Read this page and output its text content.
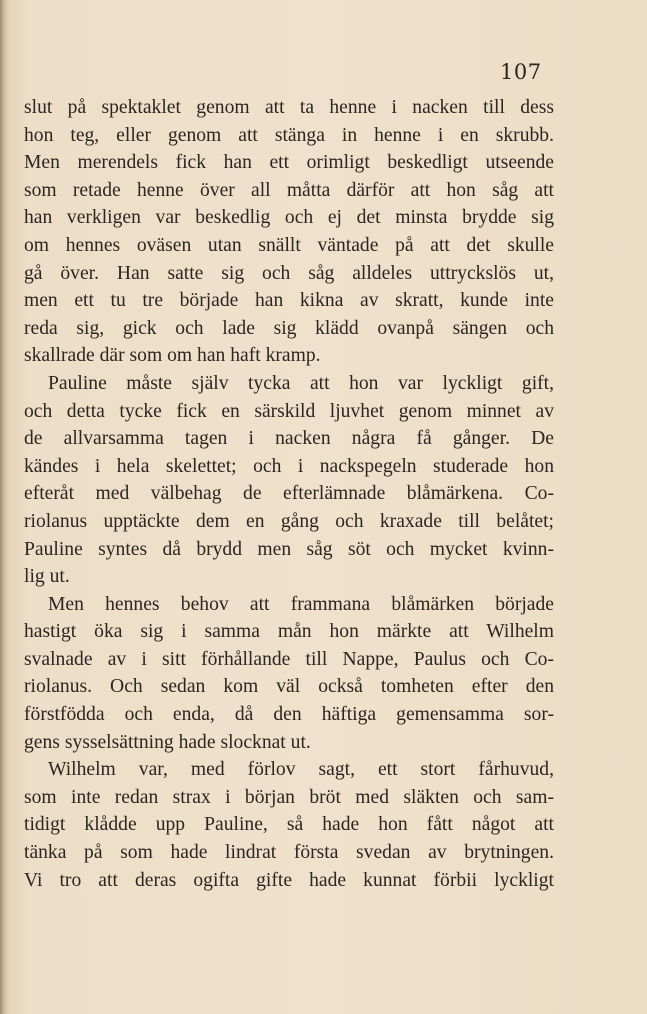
107
slut på spektaklet genom att ta henne i nacken till dess
hon teg, eller genom att stänga in henne i en skrubb.
Men merendels fick han ett orimligt beskedligt utseende
som retade henne över all måtta därför att hon såg att
han verkligen var beskedlig och ej det minsta brydde sig
om hennes oväsen utan snällt väntade på att det skulle
gå över. Han satte sig och såg alldeles uttryckslös ut,
men ett tu tre började han kikna av skratt, kunde inte
reda sig, gick och lade sig klädd ovanpå sängen och
skallrade där som om han haft kramp.
Pauline måste själv tycka att hon var lyckligt gift,
och detta tycke fick en särskild ljuvhet genom minnet av
de allvarsamma tagen i nacken några få gånger. De
kändes i hela skelettet; och i nackspegeln studerade hon
efteråt med välbehag de efterlämnade blåmärkena. Co-
riolanus upptäckte dem en gång och kraxade till belåtet;
Pauline syntes då brydd men såg söt och mycket kvinn-
lig ut.
Men hennes behov att frammana blåmärken började
hastigt öka sig i samma mån hon märkte att Wilhelm
svalnade av i sitt förhållande till Nappe, Paulus och Co-
riolanus. Och sedan kom väl också tomheten efter den
förstfödda och enda, då den häftiga gemensamma sor-
gens sysselsättning hade slocknat ut.
Wilhelm var, med förlov sagt, ett stort fårhuvud,
som inte redan strax i början bröt med släkten och sam-
tidigt klådde upp Pauline, så hade hon fått något att
tänka på som hade lindrat första svedan av brytningen.
Vi tro att deras ogifta gifte hade kunnat förbii lyckligt
